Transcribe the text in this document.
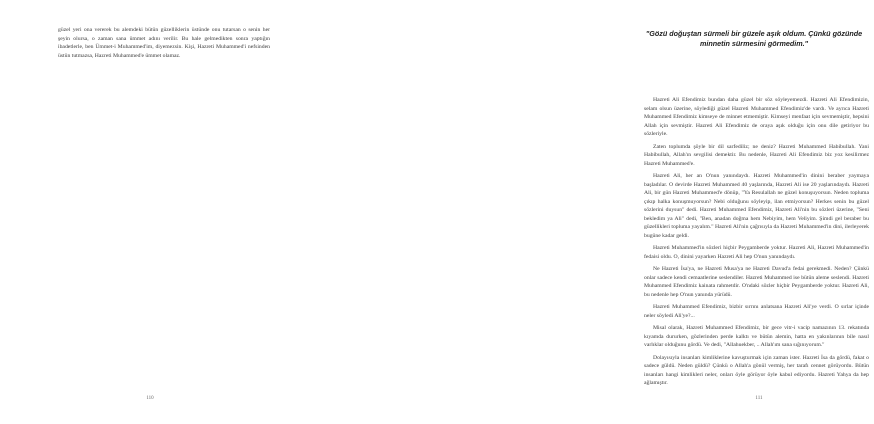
güzel yeri ona vererek bu alemdeki bütün güzelliklerin üstünde onu tutarsan o senin her şeyin olursa, o zaman sana ümmet adını verilir. Bu hale gelmedikten sonra yaptığın ibadetlerle, ben Ümmet-i Muhammed'im, diyemezsin. Kişi, Hazreti Muhammed'i nefsinden üstün tutmazsa, Hazreti Muhammed'e ümmet olamaz.

110
"Gözü doğuştan sürmeli bir güzele aşık oldum. Çünkü gözünde minnetin sürmesini görmedim."

Hazreti Ali Efendimiz bundan daha güzel bir söz söyleyemezdi. Hazreti Ali Efendimizin, selam olsun üzerine, söylediği güzel Hazreti Muhammed Efendimiz'de vardı. Ve ayrıca Hazreti Muhammed Efendimiz kimseye de minnet etmemiştir. Kimseyi menfaat için sevmemiştir, hepsini Allah için sevmiştir. Hazreti Ali Efendimiz de oraya aşık olduğu için onu dile getiriyor bu sözleriyle.

Zaten toplumda şöyle bir dil sarfediliz; ne deniz? Hazreti Muhammed Habibullah. Yani Habibullah, Allah'ın sevgilisi demektir. Bu nedenle, Hazreti Ali Efendimiz biz yoz kesilirmez Hazreti Muhammed'e.

Hazreti Ali, her an O'nun yanındaydı. Hazreti Muhammed'in dinini beraber yaymaya başladılar. O devirde Hazreti Muhammed 40 yaşlarında, Hazreti Ali ise 20 yaşlarındaydı. Hazreti Ali, bir gün Hazreti Muhammed'e dönüp, "Ya Resulallah ne güzel konuşuyorsun. Neden topluma çıkıp halka konuşmuyorsun? Nebi olduğunu söyleyip, ilan etmiyorsun? Herkes senin bu güzel sözlerini duysun" dedi. Hazreti Muhammed Efendimiz, Hazreti Ali'nin bu sözleri üzerine, "Seni bekledim ya Ali" dedi, "Ben, anadan doğma hem Nebiyim, hem Veliyim. Şimdi gel beraber bu güzellikleri topluma yayalım." Hazreti Ali'nin çağrısıyla da Hazreti Muhammed'in dini, ilerleyerek bugüne kadar geldi.

Hazreti Muhammed'in sözleri hiçbir Peygamberde yoktur. Hazreti Ali, Hazreti Muhammed'in fedaisi oldu. O, dinini yayarken Hazreti Ali hep O'nun yanındaydı.

Ne Hazreti İsa'ya, ne Hazreti Musa'ya ne Hazreti Davud'a fedai gerekmedi. Neden? Çünkü onlar sadece kendi cemaatlerine seslendiler. Hazreti Muhammed ise bütün aleme seslendi. Hazreti Muhammed Efendimiz kainata rahmetdir. O'ndaki sözler hiçbir Peygamberde yoktur. Hazreti Ali, bu nedenle hep O'nun yanında yürüdü.

Hazreti Muhammed Efendimiz, bizbir sırrını anlatsana Hazreti Ali'ye verdi. O sırlar içinde neler söyledi Ali'ye?...

Misal olarak, Hazreti Muhammed Efendimiz, bir gece vitr-i vacip namazının 13. rekatında kıyamda dururken, gözlerinden perde kalktı ve bütün alemin, hatta en yakınlarının bile nasıl varlıklar olduğunu gördü. Ve dedi, "Allahuekber, .. Allah'ım sana sığınıyorum."

Dolayısıyla insanları kimliklerine kavuşturmak için zaman ister. Hazreti İsa da gördü, fakat o sadece güldü. Neden güldü? Çünkü o Allah'a gönül vermiş, her tarafı cennet görüyordu. Bütün insanları hangi kimlikleri neler, onları öyle görüyor öyle kabul ediyordu. Hazreti Yahya da hep ağlamıştır.

111
